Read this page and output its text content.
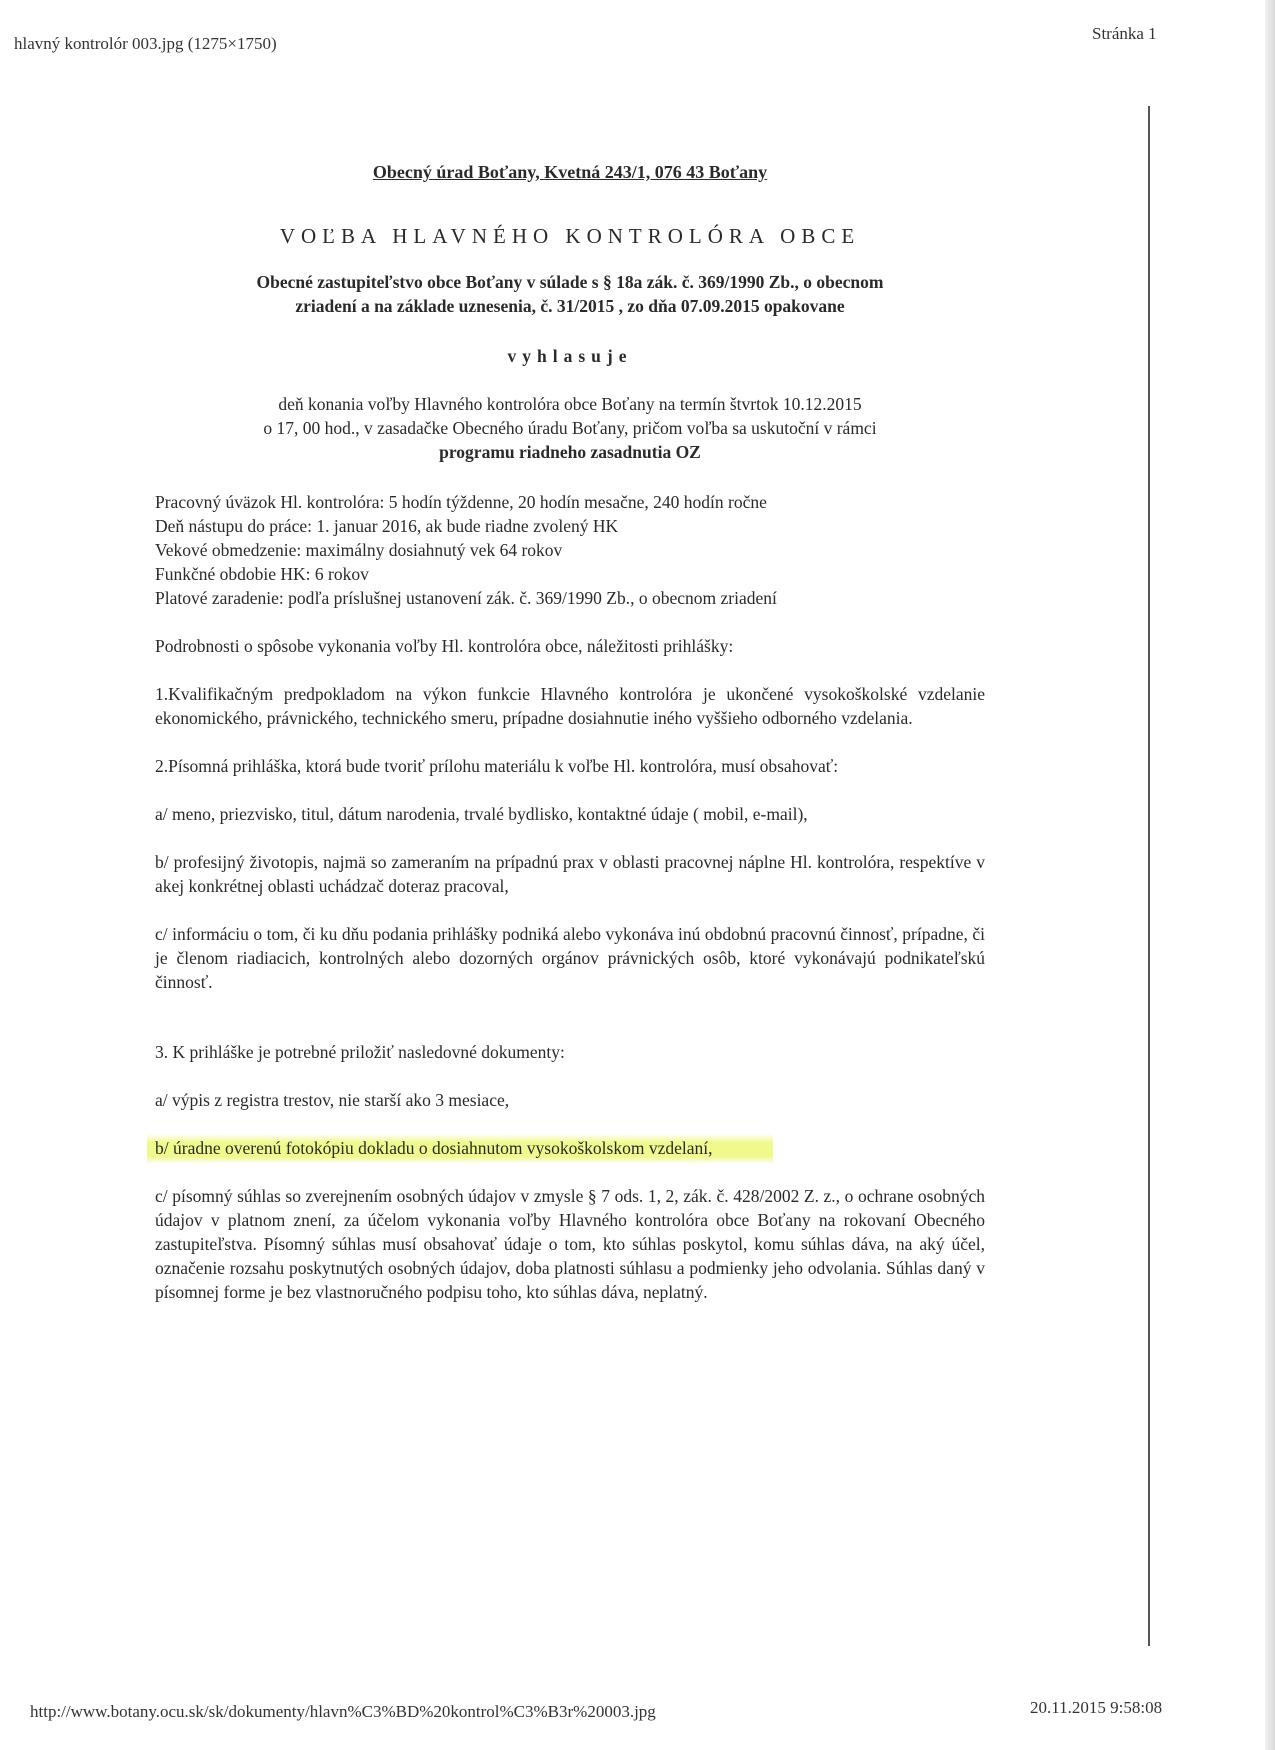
hlavný kontrolór 003.jpg (1275×1750)
Stránka 1

Obecný úrad Boťany, Kvetná 243/1, 076 43 Boťany

VOĽBA HLAVNÉHO KONTROLÓRA OBCE

Obecné zastupiteľstvo obce Boťany v súlade s § 18a zák. č. 369/1990 Zb., o obecnom
zriadení a na základe uznesenia, č. 31/2015 , zo dňa 07.09.2015 opakovane

vyhlasuje

deň konania voľby Hlavného kontrolóra obce Boťany na termín štvrtok 10.12.2015
o 17, 00 hod., v zasadačke Obecného úradu Boťany, pričom voľba sa uskutoční v rámci
programu riadneho zasadnutia OZ
Pracovný úväzok Hl. kontrolóra: 5 hodín týždenne, 20 hodín mesačne, 240 hodín ročne
Deň nástupu do práce: 1. januar 2016, ak bude riadne zvolený HK
Vekové obmedzenie: maximálny dosiahnutý vek 64 rokov
Funkčné obdobie HK: 6 rokov
Platové zaradenie: podľa príslušnej ustanovení zák. č. 369/1990 Zb., o obecnom zriadení

Podrobnosti o spôsobe vykonania voľby Hl. kontrolóra obce, náležitosti prihlášky:

1.Kvalifikačným predpokladom na výkon funkcie Hlavného kontrolóra je ukončené vysokoškolské vzdelanie ekonomického, právnického, technického smeru, prípadne dosiahnutie iného vyššieho odborného vzdelania.

2.Písomná prihláška, ktorá bude tvoriť prílohu materiálu k voľbe Hl. kontrolóra, musí obsahovať:

a/ meno, priezvisko, titul, dátum narodenia, trvalé bydlisko, kontaktné údaje ( mobil, e-mail),

b/ profesijný životopis, najmä so zameraním na prípadnú prax v oblasti pracovnej náplne Hl. kontrolóra, respektíve v akej konkrétnej oblasti uchádzač doteraz pracoval,

c/ informáciu o tom, či ku dňu podania prihlášky podniká alebo vykonáva inú obdobnú pracovnú činnosť, prípadne, či je členom riadiacich, kontrolných alebo dozorných orgánov právnických osôb, ktoré vykonávajú podnikateľskú činnosť.

3. K prihláške je potrebné priložiť nasledovné dokumenty:

a/ výpis z registra trestov, nie starší ako 3 mesiace,

b/ úradne overenú fotokópiu dokladu o dosiahnutom vysokoškolskom vzdelaní,

c/ písomný súhlas so zverejnením osobných údajov v zmysle § 7 ods. 1, 2, zák. č. 428/2002 Z. z., o ochrane osobných údajov v platnom znení, za účelom vykonania voľby Hlavného kontrolóra obce Boťany na rokovaní Obecného zastupiteľstva. Písomný súhlas musí obsahovať údaje o tom, kto súhlas poskytol, komu súhlas dáva, na aký účel, označenie rozsahu poskytnutých osobných údajov, doba platnosti súhlasu a podmienky jeho odvolania. Súhlas daný v písomnej forme je bez vlastnoručného podpisu toho, kto súhlas dáva, neplatný.

http://www.botany.ocu.sk/sk/dokumenty/hlavn%C3%BD%20kontrol%C3%B3r%20003.jpg	20.11.2015 9:58:08
